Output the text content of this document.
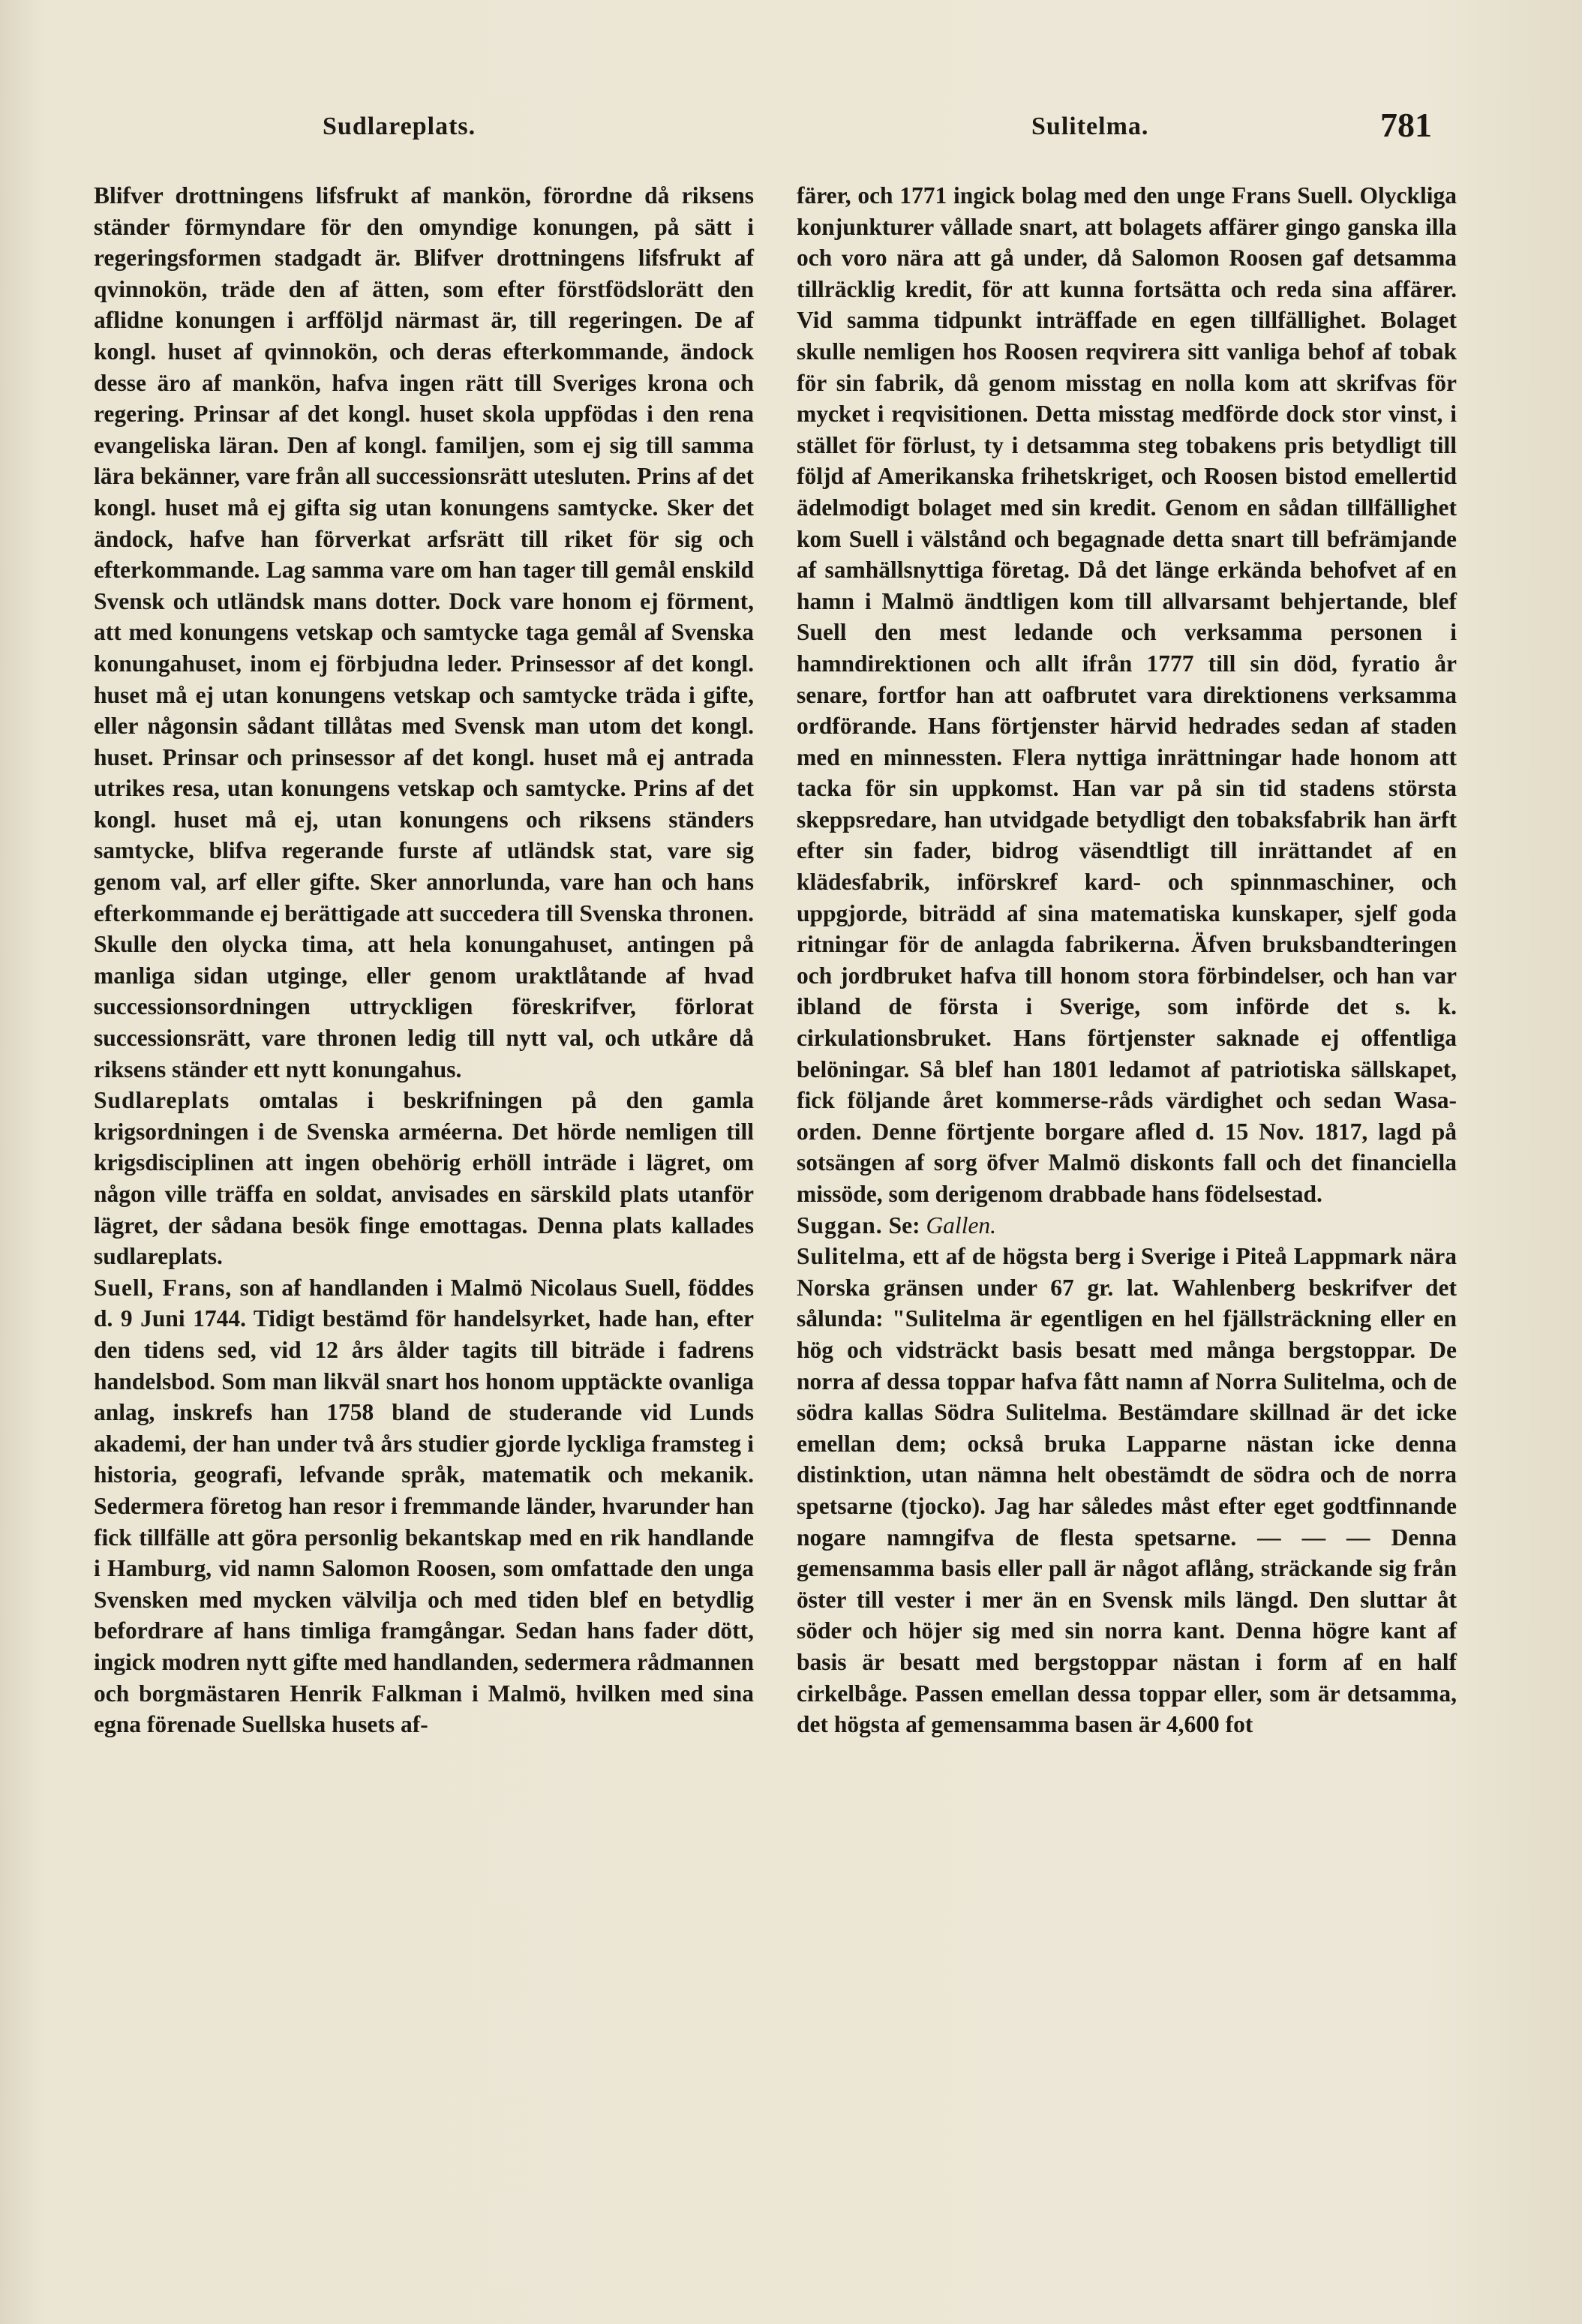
Sudlareplats.	Sulitelma.	781

Blifver drottningens lifsfrukt af mankön, förordne då riksens ständer förmyndare för den omyndige konungen, på sätt i regeringsformen stadgadt är. Blifver drottningens lifsfrukt af qvinnokön, träde den af ätten, som efter förstfödslorätt den aflidne konungen i arfföljd närmast är, till regeringen. De af kongl. huset af qvinnokön, och deras efterkommande, ändock desse äro af mankön, hafva ingen rätt till Sveriges krona och regering. Prinsar af det kongl. huset skola uppfödas i den rena evangeliska läran. Den af kongl. familjen, som ej sig till samma lära bekänner, vare från all successionsrätt utesluten. Prins af det kongl. huset må ej gifta sig utan konungens samtycke. Sker det ändock, hafve han förverkat arfsrätt till riket för sig och efterkommande. Lag samma vare om han tager till gemål enskild Svensk och utländsk mans dotter. Dock vare honom ej förment, att med konungens vetskap och samtycke taga gemål af Svenska konungahuset, inom ej förbjudna leder. Prinsessor af det kongl. huset må ej utan konungens vetskap och samtycke träda i gifte, eller någonsin sådant tillåtas med Svensk man utom det kongl. huset. Prinsar och prinsessor af det kongl. huset må ej antrada utrikes resa, utan konungens vetskap och samtycke. Prins af det kongl. huset må ej, utan konungens och riksens ständers samtycke, blifva regerande furste af utländsk stat, vare sig genom val, arf eller gifte. Sker annorlunda, vare han och hans efterkommande ej berättigade att succedera till Svenska thronen. Skulle den olycka tima, att hela konungahuset, antingen på manliga sidan utginge, eller genom uraktlåtande af hvad successionsordningen uttryckligen föreskrifver, förlorat successionsrätt, vare thronen ledig till nytt val, och utkåre då riksens ständer ett nytt konungahus.

Sudlareplats omtalas i beskrifningen på den gamla krigsordningen i de Svenska arméerna. Det hörde nemligen till krigsdisciplinen att ingen obehörig erhöll inträde i lägret, om någon ville träffa en soldat, anvisades en särskild plats utanför lägret, der sådana besök finge emottagas. Denna plats kallades sudlareplats.

Suell, Frans, son af handlanden i Malmö Nicolaus Suell, föddes d. 9 Juni 1744. Tidigt bestämd för handelsyrket, hade han, efter den tidens sed, vid 12 års ålder tagits till biträde i fadrens handelsbod. Som man likväl snart hos honom upptäckte ovanliga anlag, inskrefs han 1758 bland de studerande vid Lunds akademi, der han under två års studier gjorde lyckliga framsteg i historia, geografi, lefvande språk, matematik och mekanik. Sedermera företog han resor i fremmande länder, hvarunder han fick tillfälle att göra personlig bekantskap med en rik handlande i Hamburg, vid namn Salomon Roosen, som omfattade den unga Svensken med mycken välvilja och med tiden blef en betydlig befordrare af hans timliga framgångar. Sedan hans fader dött, ingick modren nytt gifte med handlanden, sedermera rådmannen och borgmästaren Henrik Falkman i Malmö, hvilken med sina egna förenade Suellska husets af-

färer, och 1771 ingick bolag med den unge Frans Suell. Olyckliga konjunkturer vållade snart, att bolagets affärer gingo ganska illa och voro nära att gå under, då Salomon Roosen gaf detsamma tillräcklig kredit, för att kunna fortsätta och reda sina affärer. Vid samma tidpunkt inträffade en egen tillfällighet. Bolaget skulle nemligen hos Roosen reqvirera sitt vanliga behof af tobak för sin fabrik, då genom misstag en nolla kom att skrifvas för mycket i reqvisitionen. Detta misstag medförde dock stor vinst, i stället för förlust, ty i detsamma steg tobakens pris betydligt till följd af Amerikanska frihetskriget, och Roosen bistod emellertid ädelmodigt bolaget med sin kredit. Genom en sådan tillfällighet kom Suell i välstånd och begagnade detta snart till befrämjande af samhällsnyttiga företag. Då det länge erkända behofvet af en hamn i Malmö ändtligen kom till allvarsamt behjertande, blef Suell den mest ledande och verksamma personen i hamndirektionen och allt ifrån 1777 till sin död, fyratio år senare, fortfor han att oafbrutet vara direktionens verksamma ordförande. Hans förtjenster härvid hedrades sedan af staden med en minnessten. Flera nyttiga inrättningar hade honom att tacka för sin uppkomst. Han var på sin tid stadens största skeppsredare, han utvidgade betydligt den tobaksfabrik han ärft efter sin fader, bidrog väsendtligt till inrättandet af en klädesfabrik, införskref kard- och spinnmaschiner, och uppgjorde, biträdd af sina matematiska kunskaper, sjelf goda ritningar för de anlagda fabrikerna. Äfven bruksbandteringen och jordbruket hafva till honom stora förbindelser, och han var ibland de första i Sverige, som införde det s. k. cirkulationsbruket. Hans förtjenster saknade ej offentliga belöningar. Så blef han 1801 ledamot af patriotiska sällskapet, fick följande året kommerse-råds värdighet och sedan Wasa-orden. Denne förtjente borgare afled d. 15 Nov. 1817, lagd på sotsängen af sorg öfver Malmö diskonts fall och det financiella missöde, som derigenom drabbade hans födelsestad.

Suggan. Se: Gallen.

Sulitelma, ett af de högsta berg i Sverige i Piteå Lappmark nära Norska gränsen under 67 gr. lat. Wahlenberg beskrifver det sålunda: "Sulitelma är egentligen en hel fjällsträckning eller en hög och vidsträckt basis besatt med många bergstoppar. De norra af dessa toppar hafva fått namn af Norra Sulitelma, och de södra kallas Södra Sulitelma. Bestämdare skillnad är det icke emellan dem; också bruka Lapparne nästan icke denna distinktion, utan nämna helt obestämdt de södra och de norra spetsarne (tjocko). Jag har således måst efter eget godtfinnande nogare namngifva de flesta spetsarne. — — — Denna gemensamma basis eller pall är något aflång, sträckande sig från öster till vester i mer än en Svensk mils längd. Den sluttar åt söder och höjer sig med sin norra kant. Denna högre kant af basis är besatt med bergstoppar nästan i form af en half cirkelbåge. Passen emellan dessa toppar eller, som är detsamma, det högsta af gemensamma basen är 4,600 fot
